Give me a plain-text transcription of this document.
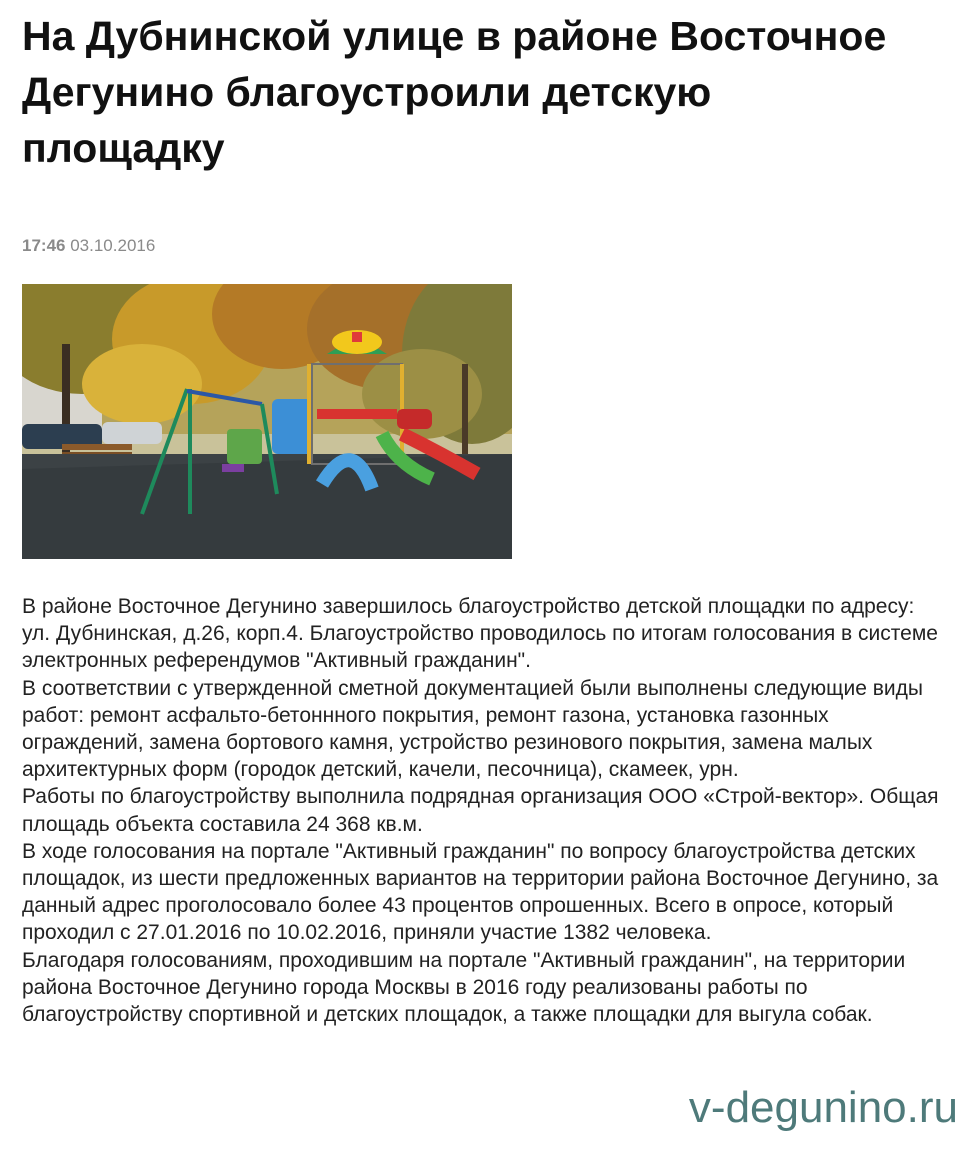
На Дубнинской улице в районе Восточное Дегунино благоустроили детскую площадку
17:46 03.10.2016

В районе Восточное Дегунино завершилось благоустройство детской площадки по адресу: ул. Дубнинская, д.26, корп.4. Благоустройство проводилось по итогам голосования в системе электронных референдумов "Активный гражданин".

В соответствии с утвержденной сметной документацией были выполнены следующие виды работ: ремонт асфальто-бетоннного покрытия, ремонт газона, установка газонных ограждений, замена бортового камня, устройство резинового покрытия, замена малых архитектурных форм (городок детский, качели, песочница), скамеек, урн.

Работы по благоустройству выполнила подрядная организация ООО «Строй-вектор». Общая площадь объекта составила 24 368 кв.м.

В ходе голосования на портале "Активный гражданин" по вопросу благоустройства детских площадок, из шести предложенных вариантов на территории района Восточное Дегунино, за данный адрес проголосовало более 43 процентов опрошенных. Всего в опросе, который проходил с 27.01.2016 по 10.02.2016, приняли участие 1382 человека.

Благодаря голосованиям, проходившим на портале "Активный гражданин", на территории района Восточное Дегунино города Москвы в 2016 году реализованы работы по благоустройству спортивной и детских площадок, а также площадки для выгула собак.

v-degunino.ru
